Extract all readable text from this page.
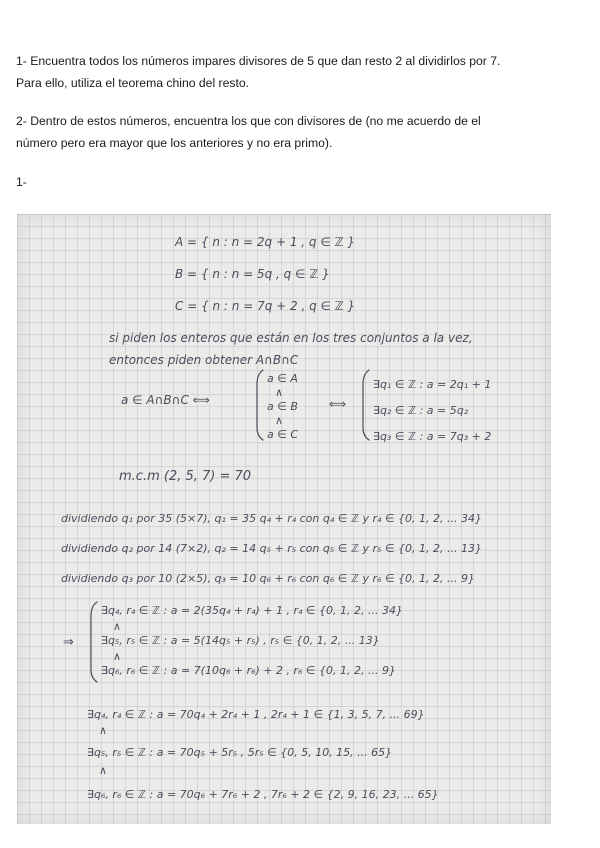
1- Encuentra todos los números impares divisores de 5 que dan resto 2 al dividirlos por 7.
Para ello, utiliza el teorema chino del resto.
2- Dentro de estos números, encuentra los que con divisores de (no me acuerdo de el
número pero era mayor que los anteriores y no era primo).
1-
A = { n : n = 2q + 1 , q ∈ ℤ }
B = { n : n = 5q , q ∈ ℤ }
C = { n : n = 7q + 2 , q ∈ ℤ }
si piden los enteros que están en los tres conjuntos a la vez,
entonces piden obtener A∩B∩C
a ∈ A∩B∩C ⟺
a ∈ A
∧
a ∈ B
∧
a ∈ C
⟺
∃q₁ ∈ ℤ : a = 2q₁ + 1
∃q₂ ∈ ℤ : a = 5q₂
∃q₃ ∈ ℤ : a = 7q₃ + 2
m.c.m (2, 5, 7) = 70
dividiendo q₁ por 35 (5×7), q₁ = 35 q₄ + r₄ con q₄ ∈ ℤ y r₄ ∈ {0, 1, 2, ... 34}
dividiendo q₂ por 14 (7×2), q₂ = 14 q₅ + r₅ con q₅ ∈ ℤ y r₅ ∈ {0, 1, 2, ... 13}
dividiendo q₃ por 10 (2×5), q₃ = 10 q₆ + r₆ con q₆ ∈ ℤ y r₆ ∈ {0, 1, 2, ... 9}
⇒
∃q₄, r₄ ∈ ℤ : a = 2(35q₄ + r₄) + 1 , r₄ ∈ {0, 1, 2, ... 34}
∧
∃q₅, r₅ ∈ ℤ : a = 5(14q₅ + r₅) , r₅ ∈ {0, 1, 2, ... 13}
∧
∃q₆, r₆ ∈ ℤ : a = 7(10q₆ + r₆) + 2 , r₆ ∈ {0, 1, 2, ... 9}
∃q₄, r₄ ∈ ℤ : a = 70q₄ + 2r₄ + 1 , 2r₄ + 1 ∈ {1, 3, 5, 7, ... 69}
∧
∃q₅, r₅ ∈ ℤ : a = 70q₅ + 5r₅ , 5r₅ ∈ {0, 5, 10, 15, ... 65}
∧
∃q₆, r₆ ∈ ℤ : a = 70q₆ + 7r₆ + 2 , 7r₆ + 2 ∈ {2, 9, 16, 23, ... 65}
